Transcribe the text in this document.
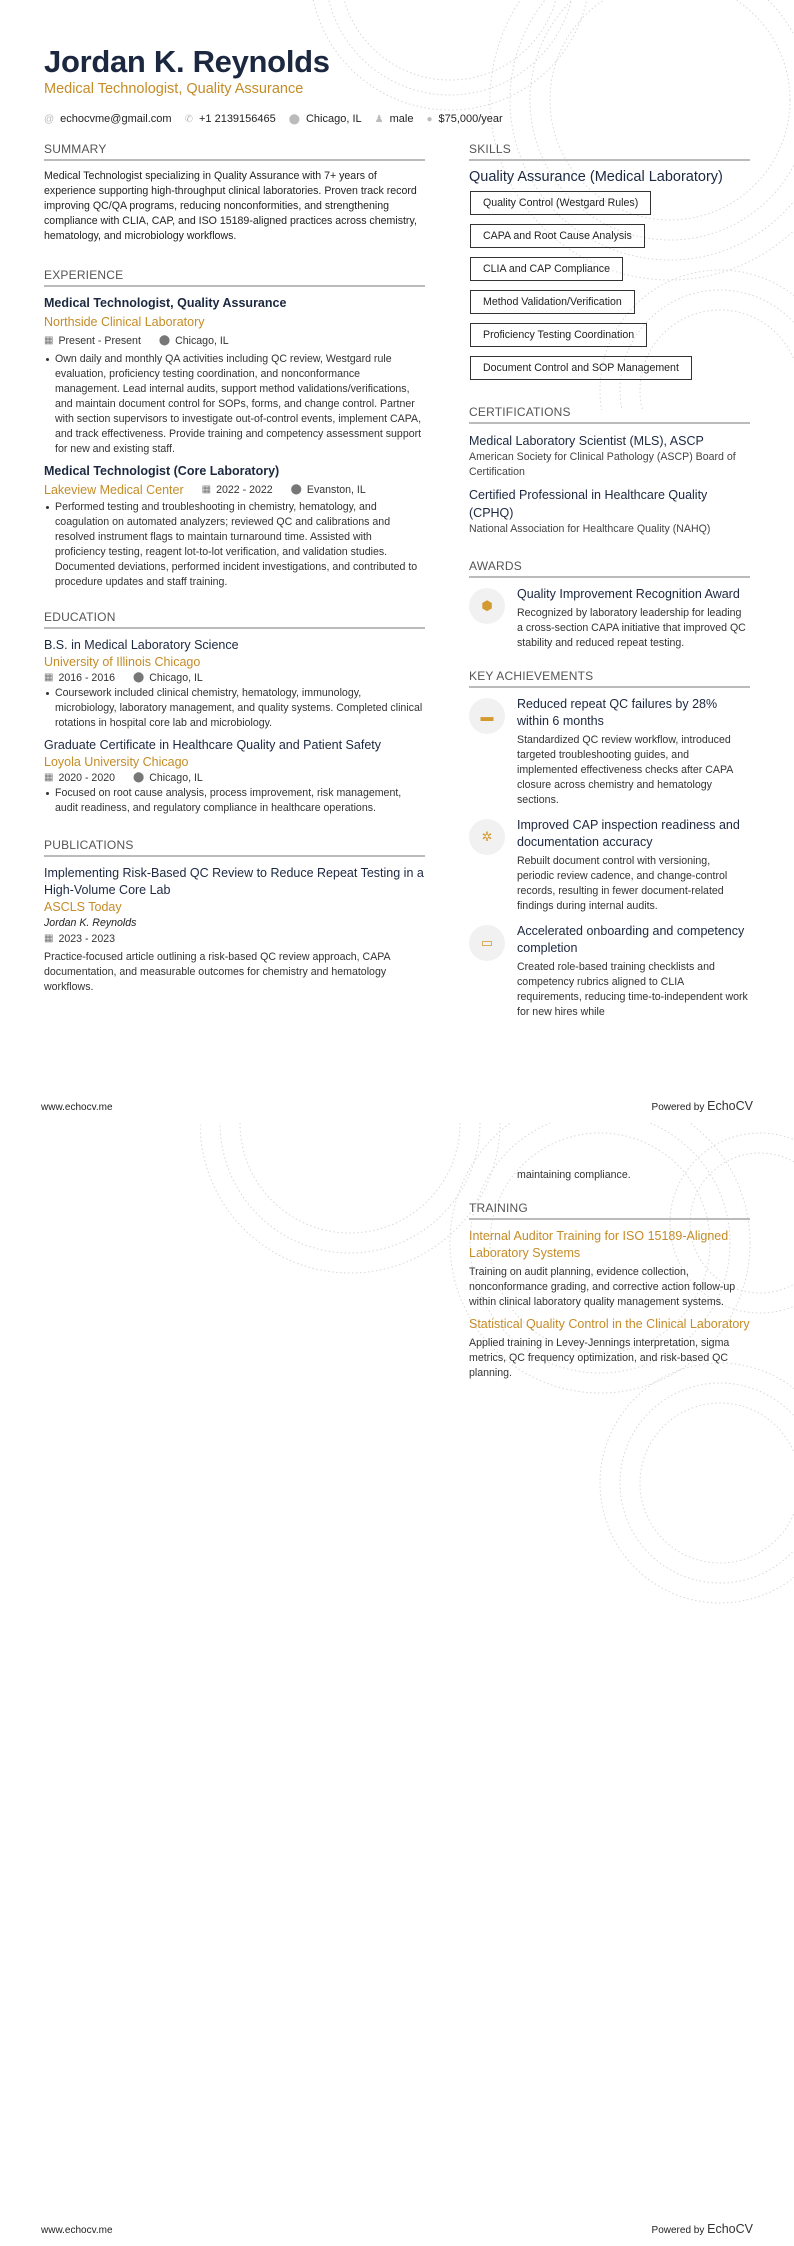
Jordan K. Reynolds
Medical Technologist, Quality Assurance
@ echocvme@gmail.com ✆ +1 2139156465 ⬤ Chicago, IL ♟ male ● $75,000/year
SUMMARY

Medical Technologist specializing in Quality Assurance with 7+ years of experience supporting high-throughput clinical laboratories. Proven track record improving QC/QA programs, reducing nonconformities, and strengthening compliance with CLIA, CAP, and ISO 15189-aligned practices across chemistry, hematology, and microbiology workflows.

EXPERIENCE
Medical Technologist, Quality Assurance
Northside Clinical Laboratory
▦ Present - Present ⬤ Chicago, IL
Own daily and monthly QA activities including QC review, Westgard rule evaluation, proficiency testing coordination, and nonconformance management. Lead internal audits, support method validations/verifications, and maintain document control for SOPs, forms, and change control. Partner with section supervisors to investigate out-of-control events, implement CAPA, and track effectiveness. Provide training and competency assessment support for new and existing staff.
Medical Technologist (Core Laboratory)
Lakeview Medical Center ▦ 2022 - 2022 ⬤ Evanston, IL
Performed testing and troubleshooting in chemistry, hematology, and coagulation on automated analyzers; reviewed QC and calibrations and resolved instrument flags to maintain turnaround time. Assisted with proficiency testing, reagent lot-to-lot verification, and validation studies. Documented deviations, performed incident investigations, and contributed to procedure updates and staff training.
EDUCATION
B.S. in Medical Laboratory Science
University of Illinois Chicago
▦ 2016 - 2016 ⬤ Chicago, IL
Coursework included clinical chemistry, hematology, immunology, microbiology, laboratory management, and quality systems. Completed clinical rotations in hospital core lab and microbiology.
Graduate Certificate in Healthcare Quality and Patient Safety
Loyola University Chicago
▦ 2020 - 2020 ⬤ Chicago, IL
Focused on root cause analysis, process improvement, risk management, audit readiness, and regulatory compliance in healthcare operations.
PUBLICATIONS
Implementing Risk-Based QC Review to Reduce Repeat Testing in a High-Volume Core Lab
ASCLS Today
Jordan K. Reynolds
▦ 2023 - 2023

Practice-focused article outlining a risk-based QC review approach, CAPA documentation, and measurable outcomes for chemistry and hematology workflows.

SKILLS
Quality Assurance (Medical Laboratory)
Quality Control (Westgard Rules)
CAPA and Root Cause Analysis
CLIA and CAP Compliance
Method Validation/Verification
Proficiency Testing Coordination
Document Control and SOP Management
CERTIFICATIONS
Medical Laboratory Scientist (MLS), ASCP
American Society for Clinical Pathology (ASCP) Board of Certification
Certified Professional in Healthcare Quality (CPHQ)
National Association for Healthcare Quality (NAHQ)
AWARDS
⬢
Quality Improvement Recognition Award
Recognized by laboratory leadership for leading a cross-section CAPA initiative that improved QC stability and reduced repeat testing.
KEY ACHIEVEMENTS
▬
Reduced repeat QC failures by 28% within 6 months
Standardized QC review workflow, introduced targeted troubleshooting guides, and implemented effectiveness checks after CAPA closure across chemistry and hematology sections.
✲
Improved CAP inspection readiness and documentation accuracy
Rebuilt document control with versioning, periodic review cadence, and change-control records, resulting in fewer document-related findings during internal audits.
▭
Accelerated onboarding and competency completion
Created role-based training checklists and competency rubrics aligned to CLIA requirements, reducing time-to-independent work for new hires while
www.echocv.me	Powered by EchoCV
maintaining compliance.
TRAINING
Internal Auditor Training for ISO 15189-Aligned Laboratory Systems
Training on audit planning, evidence collection, nonconformance grading, and corrective action follow-up within clinical laboratory quality management systems.
Statistical Quality Control in the Clinical Laboratory
Applied training in Levey-Jennings interpretation, sigma metrics, QC frequency optimization, and risk-based QC planning.
www.echocv.me	Powered by EchoCV
